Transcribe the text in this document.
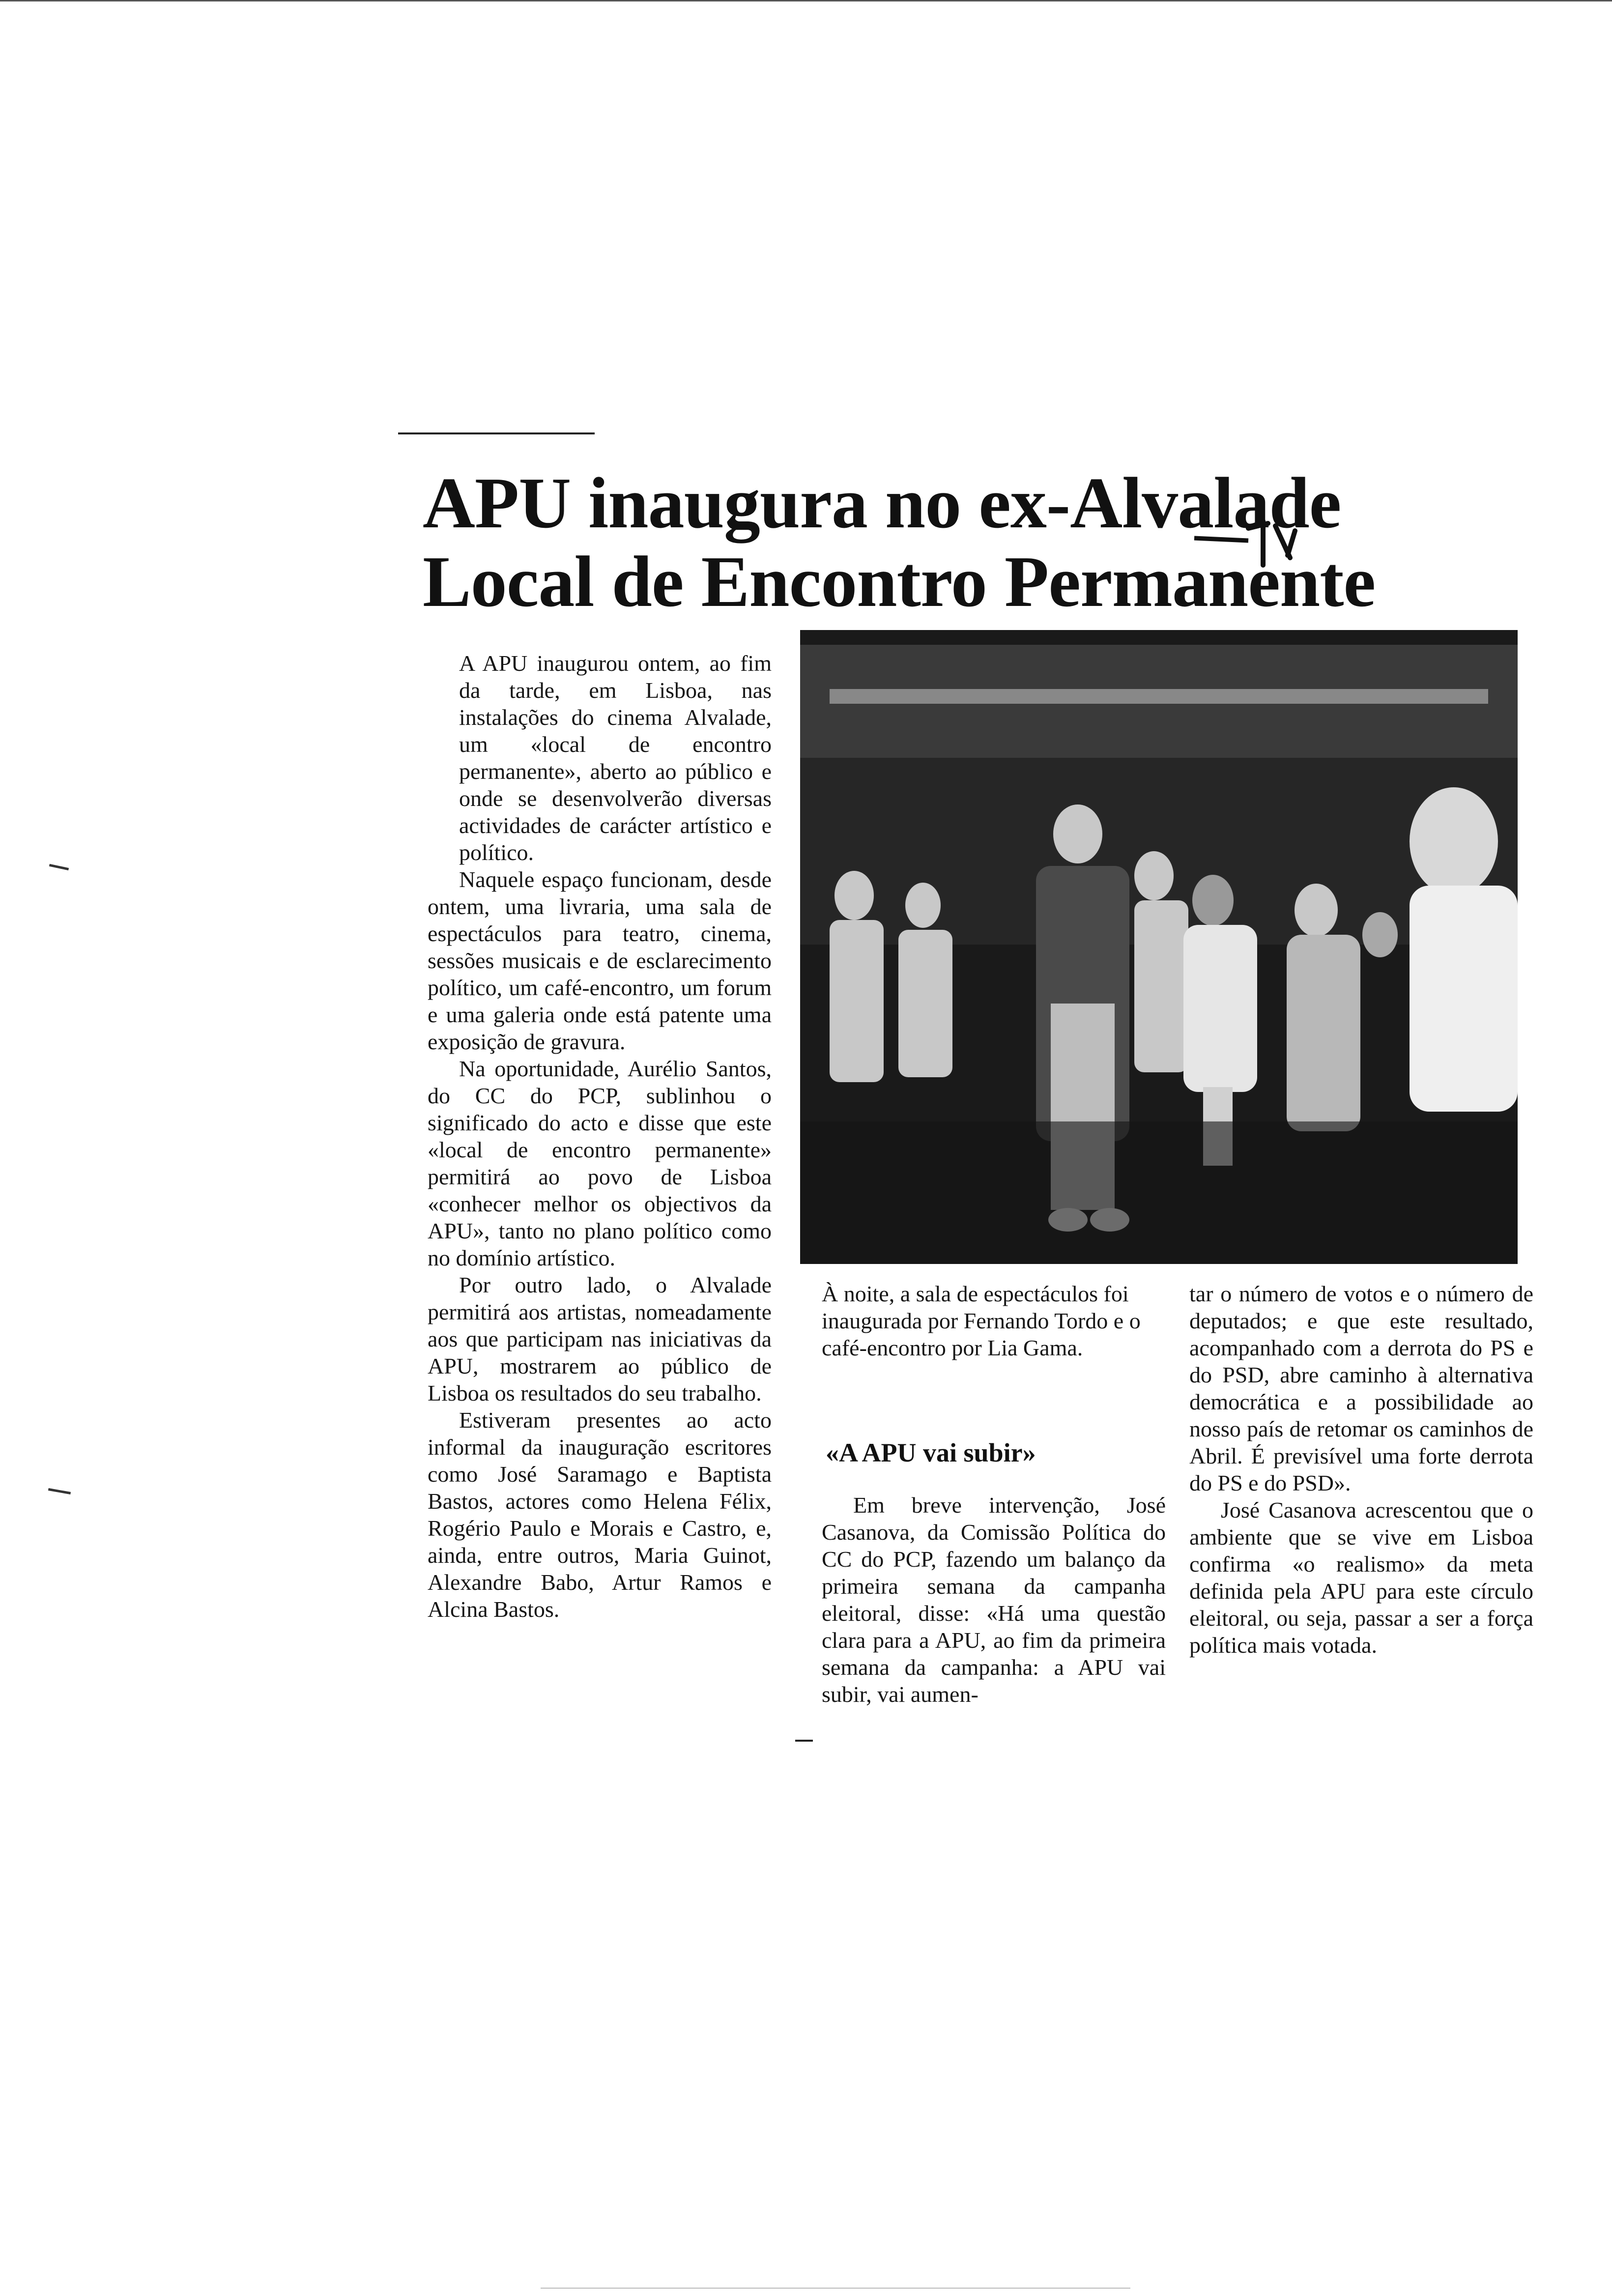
APU inaugura no ex-Alvalade
Local de Encontro Permanente

A APU inaugurou ontem, ao fim da tarde, em Lisboa, nas instalações do cinema Alvalade, um «local de encontro permanente», aberto ao público e onde se desenvolverão diversas actividades de carácter artístico e político.

Naquele espaço funcionam, desde ontem, uma livraria, uma sala de espectáculos para teatro, cinema, sessões musicais e de esclarecimento político, um café-encontro, um forum e uma galeria onde está patente uma exposição de gravura.

Na oportunidade, Aurélio Santos, do CC do PCP, sublinhou o significado do acto e disse que este «local de encontro permanente» permitirá ao povo de Lisboa «conhecer melhor os objectivos da APU», tanto no plano político como no domínio artístico.

Por outro lado, o Alvalade permitirá aos artistas, nomeadamente aos que participam nas iniciativas da APU, mostrarem ao público de Lisboa os resultados do seu trabalho.

Estiveram presentes ao acto informal da inauguração escritores como José Saramago e Baptista Bastos, actores como Helena Félix, Rogério Paulo e Morais e Castro, e, ainda, entre outros, Maria Guinot, Alexandre Babo, Artur Ramos e Alcina Bastos.

À noite, a sala de espectáculos foi inaugurada por Fernando Tordo e o café-encontro por Lia Gama.
«A APU vai subir»

Em breve intervenção, José Casanova, da Comissão Política do CC do PCP, fazendo um balanço da primeira semana da campanha eleitoral, disse: «Há uma questão clara para a APU, ao fim da primeira semana da campanha: a APU vai subir, vai aumen-

tar o número de votos e o número de deputados; e que este resultado, acompanhado com a derrota do PS e do PSD, abre caminho à alternativa democrática e a possibilidade ao nosso país de retomar os caminhos de Abril. É previsível uma forte derrota do PS e do PSD».

José Casanova acrescentou que o ambiente que se vive em Lisboa confirma «o realismo» da meta definida pela APU para este círculo eleitoral, ou seja, passar a ser a força política mais votada.
